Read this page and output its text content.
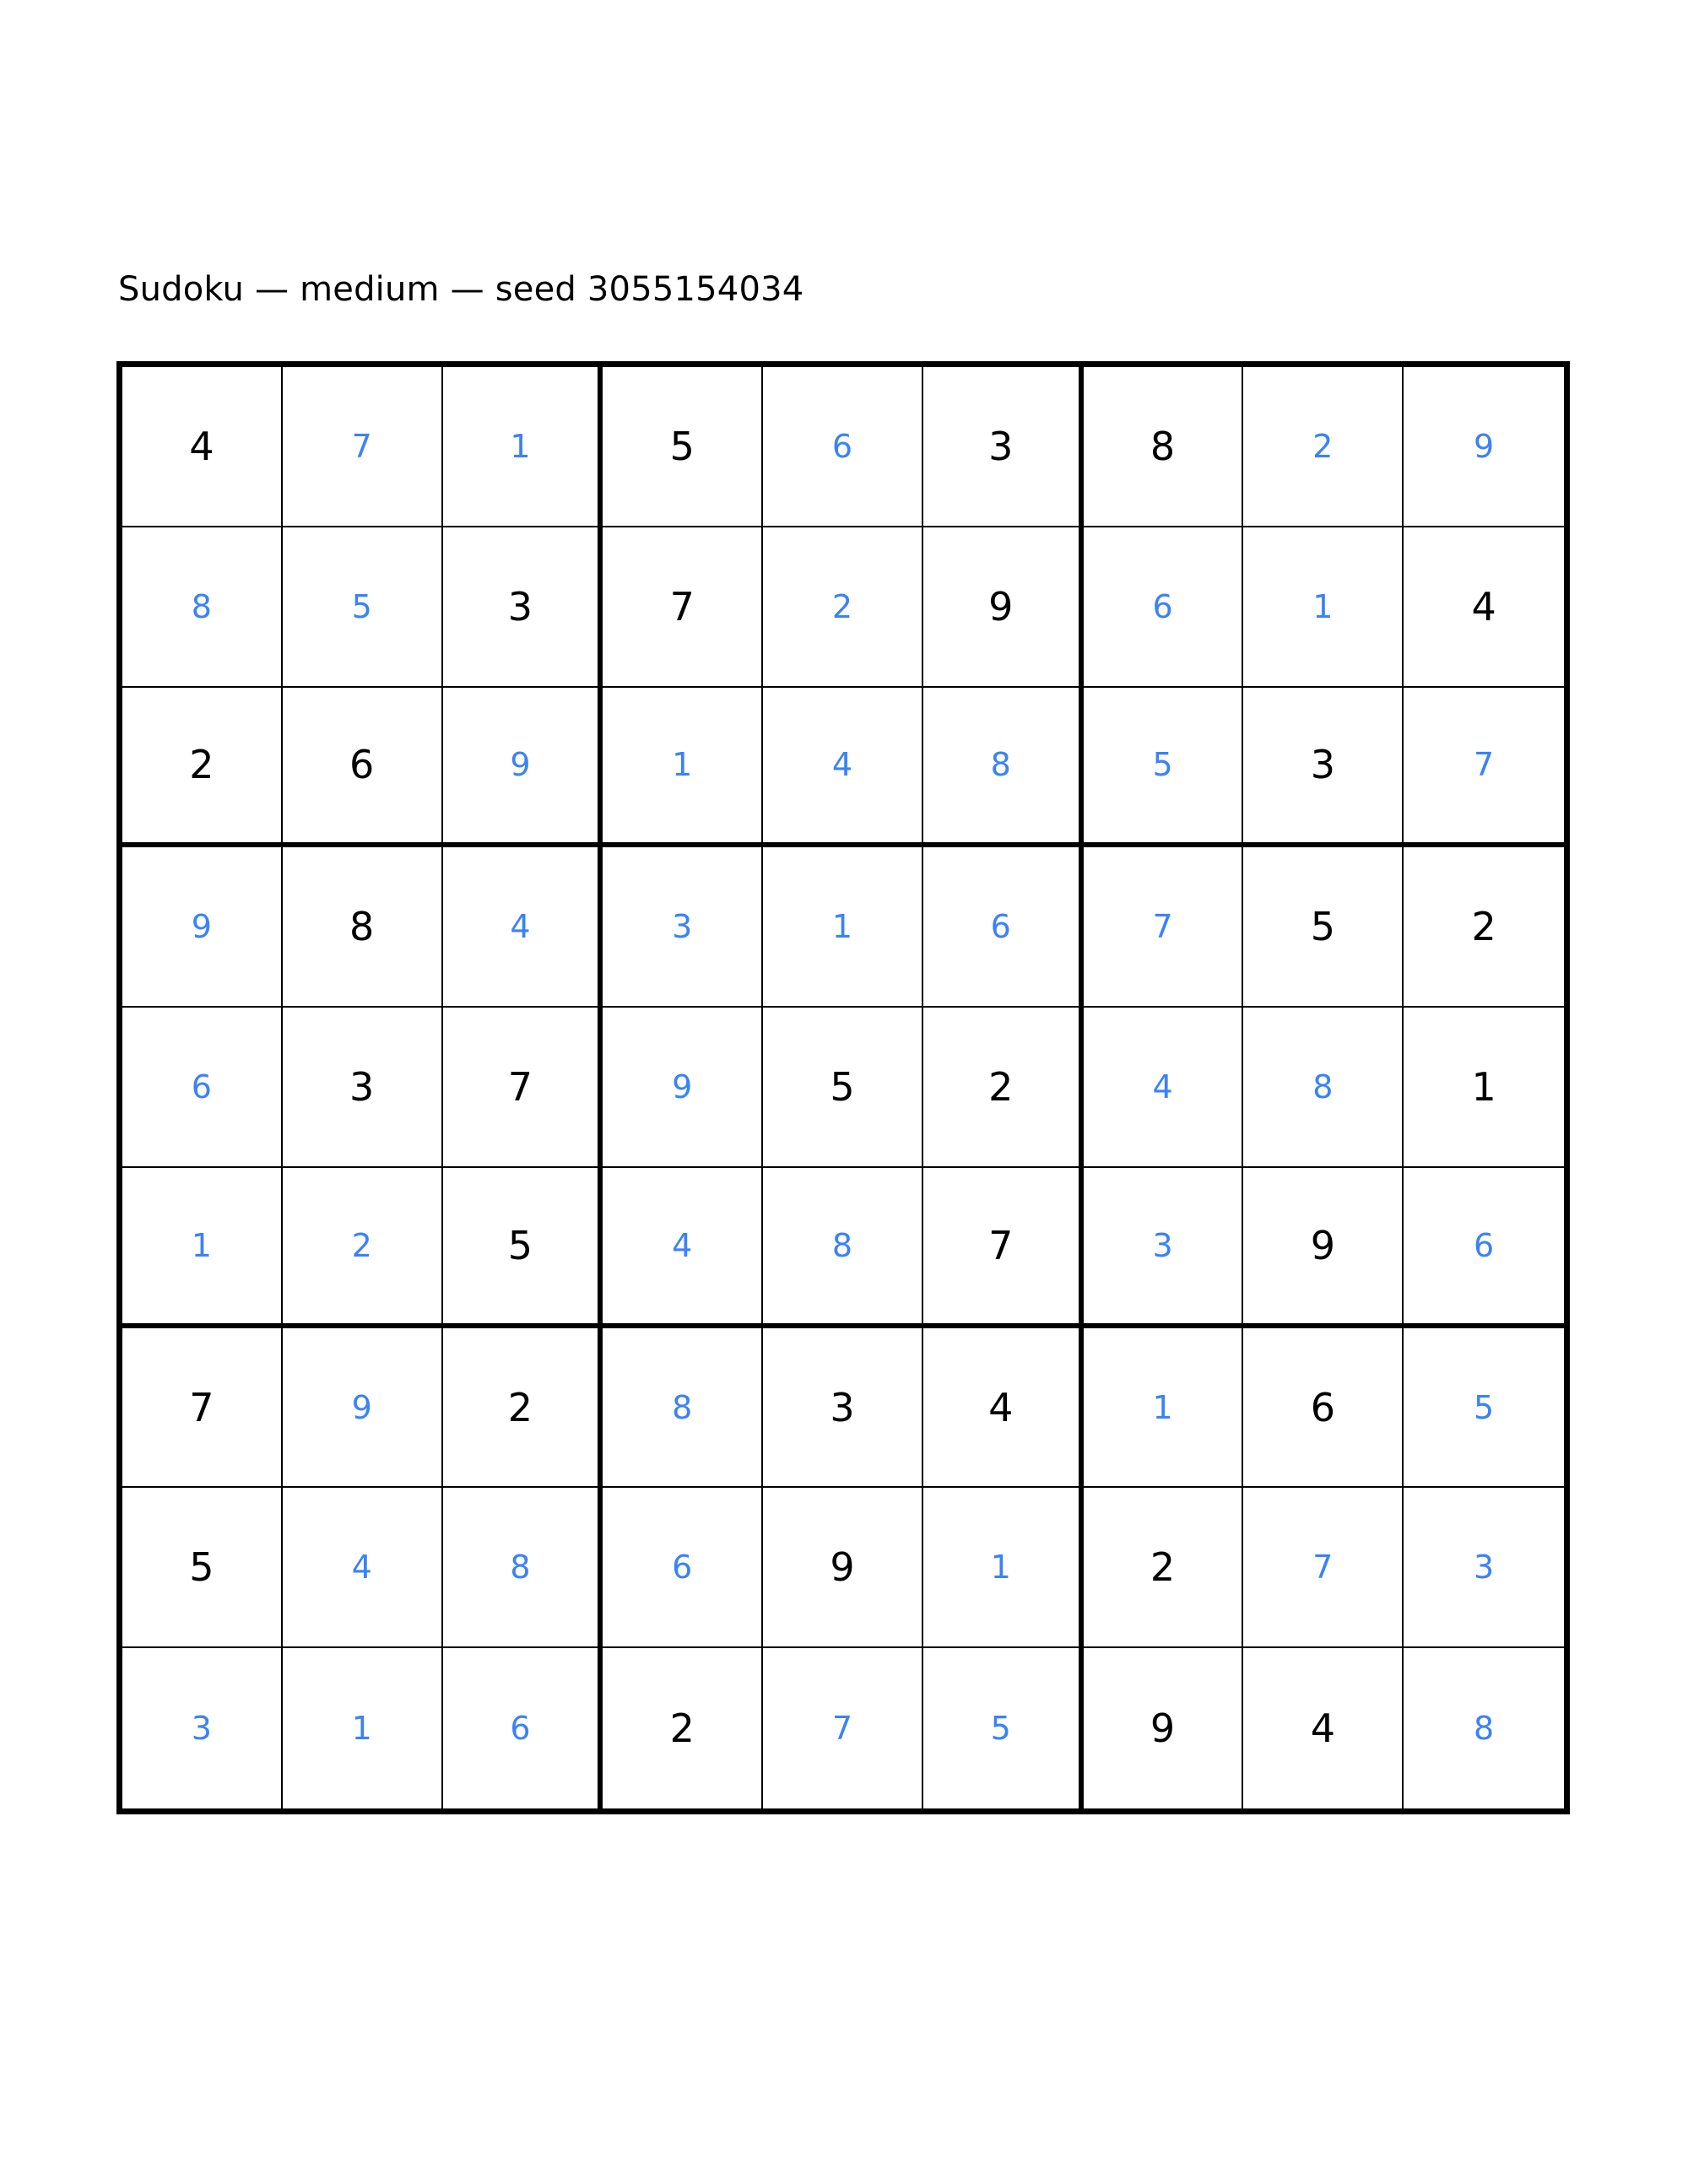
Sudoku — medium — seed 3055154034
4	7	1	5	6	3	8	2	9
8	5	3	7	2	9	6	1	4
2	6	9	1	4	8	5	3	7
9	8	4	3	1	6	7	5	2
6	3	7	9	5	2	4	8	1
1	2	5	4	8	7	3	9	6
7	9	2	8	3	4	1	6	5
5	4	8	6	9	1	2	7	3
3	1	6	2	7	5	9	4	8
